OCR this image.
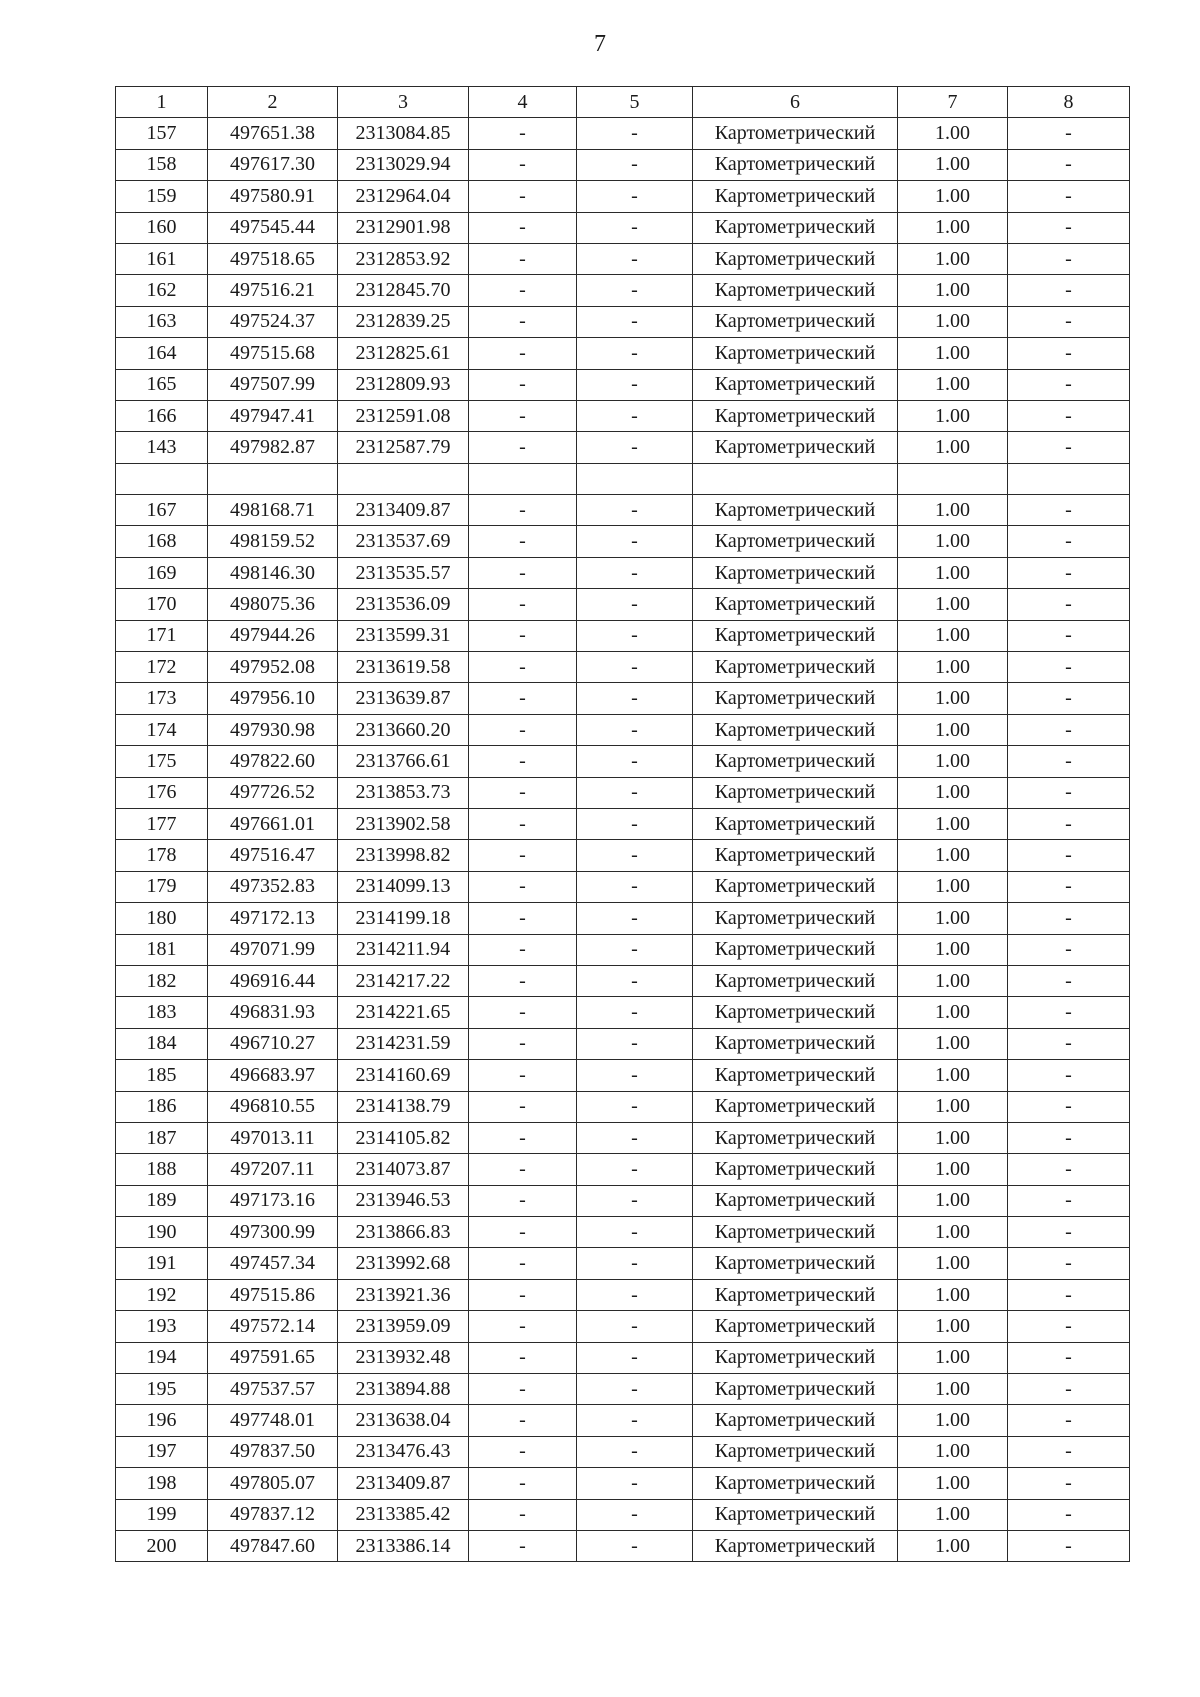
7
1	2	3	4	5	6	7	8
157	497651.38	2313084.85	-	-	Картометрический	1.00	-
158	497617.30	2313029.94	-	-	Картометрический	1.00	-
159	497580.91	2312964.04	-	-	Картометрический	1.00	-
160	497545.44	2312901.98	-	-	Картометрический	1.00	-
161	497518.65	2312853.92	-	-	Картометрический	1.00	-
162	497516.21	2312845.70	-	-	Картометрический	1.00	-
163	497524.37	2312839.25	-	-	Картометрический	1.00	-
164	497515.68	2312825.61	-	-	Картометрический	1.00	-
165	497507.99	2312809.93	-	-	Картометрический	1.00	-
166	497947.41	2312591.08	-	-	Картометрический	1.00	-
143	497982.87	2312587.79	-	-	Картометрический	1.00	-

167	498168.71	2313409.87	-	-	Картометрический	1.00	-
168	498159.52	2313537.69	-	-	Картометрический	1.00	-
169	498146.30	2313535.57	-	-	Картометрический	1.00	-
170	498075.36	2313536.09	-	-	Картометрический	1.00	-
171	497944.26	2313599.31	-	-	Картометрический	1.00	-
172	497952.08	2313619.58	-	-	Картометрический	1.00	-
173	497956.10	2313639.87	-	-	Картометрический	1.00	-
174	497930.98	2313660.20	-	-	Картометрический	1.00	-
175	497822.60	2313766.61	-	-	Картометрический	1.00	-
176	497726.52	2313853.73	-	-	Картометрический	1.00	-
177	497661.01	2313902.58	-	-	Картометрический	1.00	-
178	497516.47	2313998.82	-	-	Картометрический	1.00	-
179	497352.83	2314099.13	-	-	Картометрический	1.00	-
180	497172.13	2314199.18	-	-	Картометрический	1.00	-
181	497071.99	2314211.94	-	-	Картометрический	1.00	-
182	496916.44	2314217.22	-	-	Картометрический	1.00	-
183	496831.93	2314221.65	-	-	Картометрический	1.00	-
184	496710.27	2314231.59	-	-	Картометрический	1.00	-
185	496683.97	2314160.69	-	-	Картометрический	1.00	-
186	496810.55	2314138.79	-	-	Картометрический	1.00	-
187	497013.11	2314105.82	-	-	Картометрический	1.00	-
188	497207.11	2314073.87	-	-	Картометрический	1.00	-
189	497173.16	2313946.53	-	-	Картометрический	1.00	-
190	497300.99	2313866.83	-	-	Картометрический	1.00	-
191	497457.34	2313992.68	-	-	Картометрический	1.00	-
192	497515.86	2313921.36	-	-	Картометрический	1.00	-
193	497572.14	2313959.09	-	-	Картометрический	1.00	-
194	497591.65	2313932.48	-	-	Картометрический	1.00	-
195	497537.57	2313894.88	-	-	Картометрический	1.00	-
196	497748.01	2313638.04	-	-	Картометрический	1.00	-
197	497837.50	2313476.43	-	-	Картометрический	1.00	-
198	497805.07	2313409.87	-	-	Картометрический	1.00	-
199	497837.12	2313385.42	-	-	Картометрический	1.00	-
200	497847.60	2313386.14	-	-	Картометрический	1.00	-
